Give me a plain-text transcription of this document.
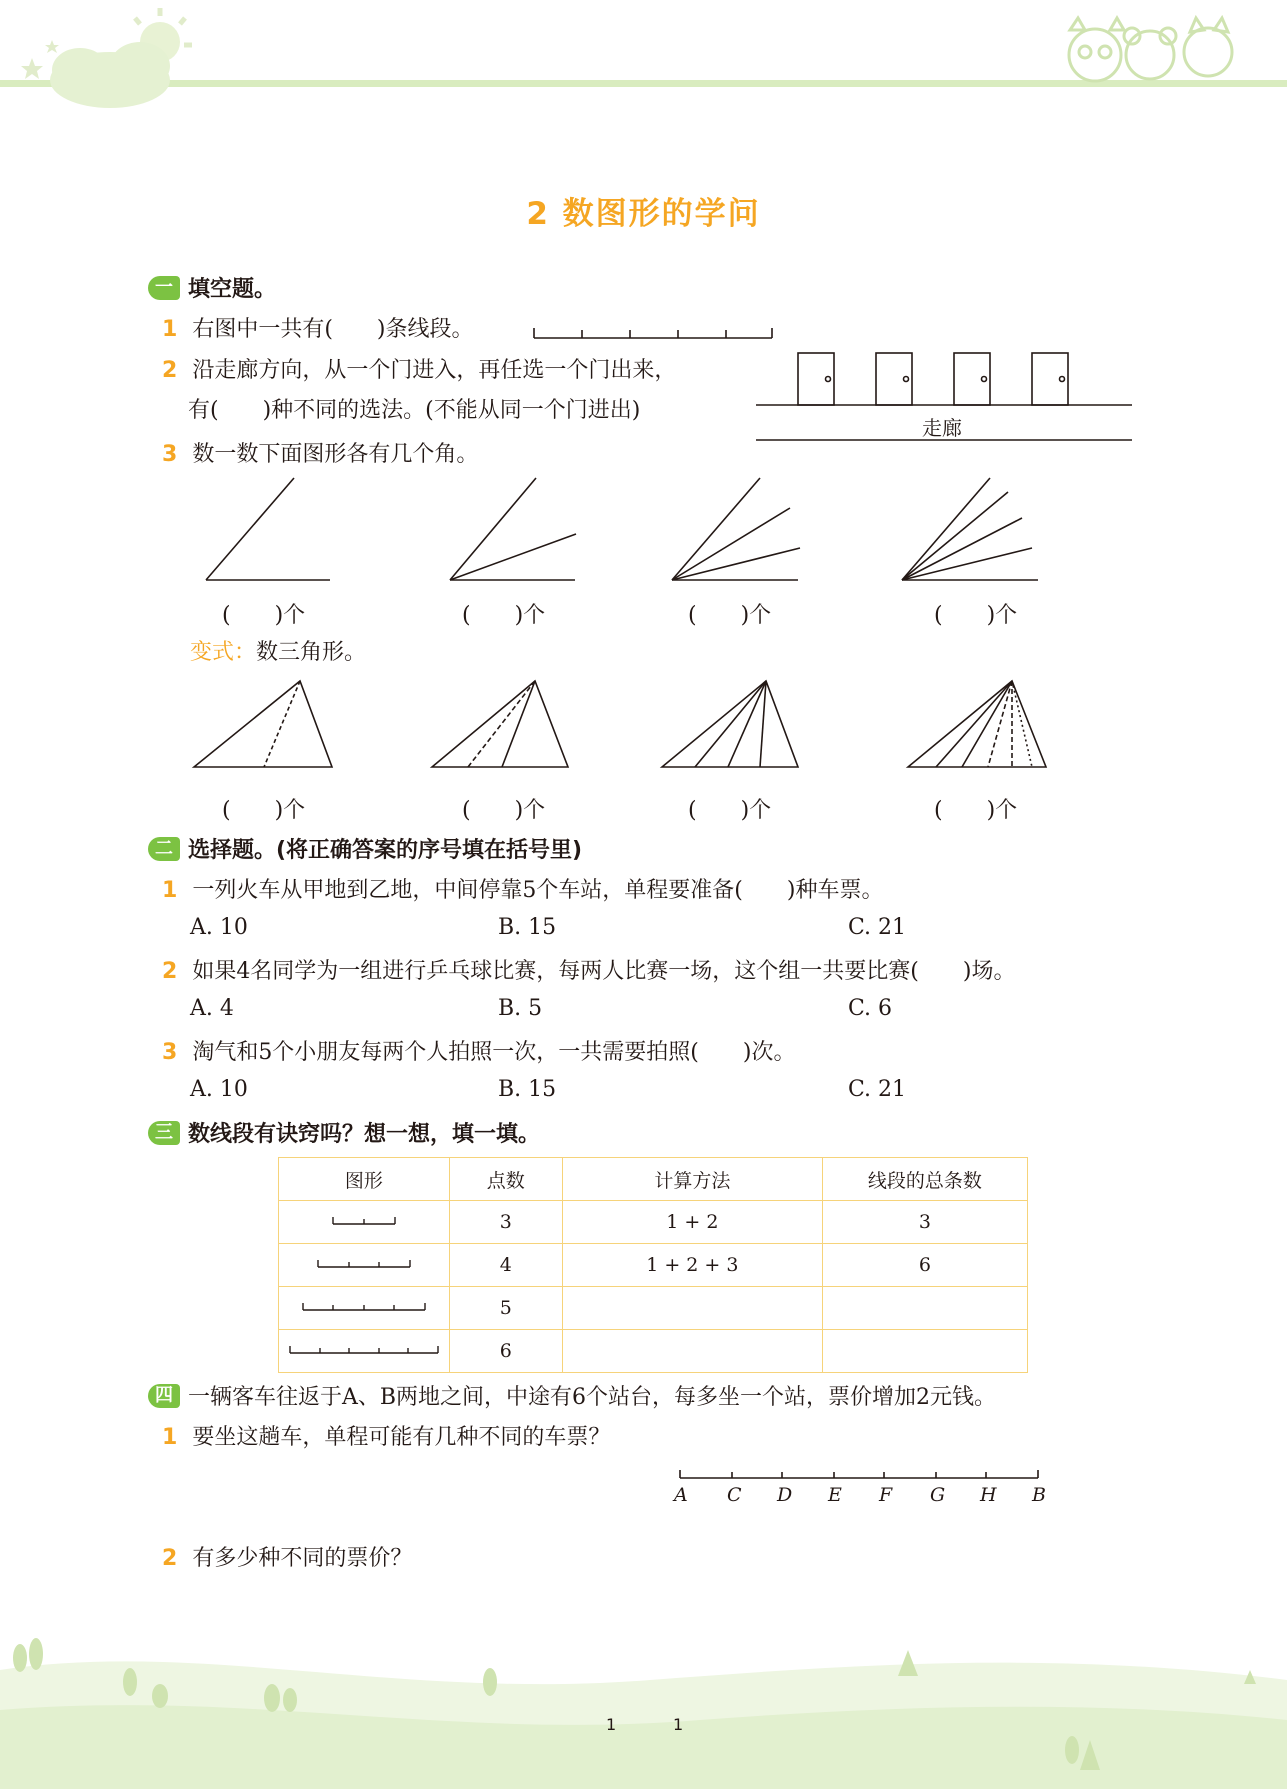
2 数图形的学问
一 填空题。
1 右图中一共有(　　)条线段。
2 沿走廊方向，从一个门进入，再任选一个门出来，
有(　　)种不同的选法。(不能从同一个门进出)
走廊
3 数一数下面图形各有几个角。
(　　)个	(　　)个	(　　)个	(　　)个
变式：数三角形。
(　　)个	(　　)个	(　　)个	(　　)个
二 选择题。(将正确答案的序号填在括号里)
1 一列火车从甲地到乙地，中间停靠5个车站，单程要准备(　　)种车票。
A. 10	B. 15	C. 21
2 如果4名同学为一组进行乒乓球比赛，每两人比赛一场，这个组一共要比赛(　　)场。
A. 4	B. 5	C. 6
3 淘气和5个小朋友每两个人拍照一次，一共需要拍照(　　)次。
A. 10	B. 15	C. 21
三 数线段有诀窍吗？想一想，填一填。
图形	点数	计算方法	线段的总条数
	3	1 + 2	3
	4	1 + 2 + 3	6
	5		
	6		
四 一辆客车往返于A、B两地之间，中途有6个站台，每多坐一个站，票价增加2元钱。
1 要坐这趟车，单程可能有几种不同的车票？
A C D E F G H B
2 有多少种不同的票价？
1	1
